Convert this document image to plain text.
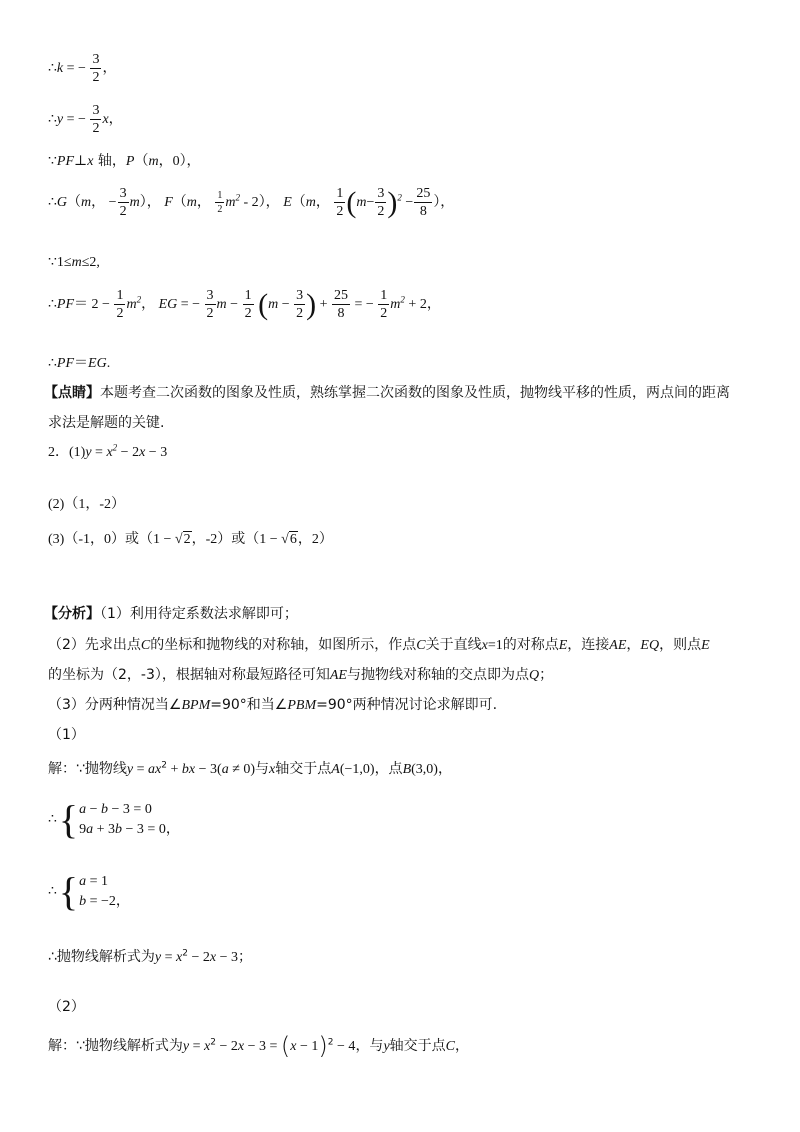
∴k = − $\frac{3}{2}$ ，
∴y = − $\frac{3}{2}$ x，
∵PF⊥x 轴，P（m，0），
∴G（m， − $\frac{3}{2} m$）， F（m， $\frac{1}{2} m^2 - 2$）， E（m， $\frac{1}{2} (m- \frac{3}{2} )^2 - \frac{25}{8}$ ），
∵1≤m≤2,
∴PF＝ $2 - \frac{1}{2} m^2$， EG = − $\frac{3}{2}$ $m - \frac{1}{2} (m - \frac{3}{2}$ ) + $\frac{25}{8}$ = − $\frac{1}{2} m^2 + 2$，
∴PF＝EG.
【点睛】本题考查二次函数的图象及性质，熟练掌握二次函数的图象及性质，抛物线平移的性质，两点间的距离
求法是解题的关键.
2．$(1)y = x^2 - 2x - 3$
(2)（1，-2）
(3)（-1，0）或（1 − √2，-2）或（1 − √6，2）
【分析】（1）利用待定系数法求解即可；
（2）先求出点C的坐标和抛物线的对称轴，如图所示，作点C关于直线x=1的对称点E，连接AE，EQ，则点E
的坐标为（2，-3），根据轴对称最短路径可知AE与抛物线对称轴的交点即为点Q；
（3）分两种情况当∠BPM=90°和当∠PBM=90°两种情况讨论求解即可.
（1）
解：∵抛物线$y = ax^2$ + bx − 3(a ≠ 0)与x轴交于点A(−1,0)，点B(3,0)，
∴ { a − b − 3 = 0
9a + 3b − 3 = 0，
∴ { a = 1
b = −2，
∴抛物线解析式为$y = x^2 - 2x - 3$；
（2）
解：∵抛物线解析式为$y = x^2 - 2x - 3 = (x - 1)^2 - 4$，与y轴交于点C，
